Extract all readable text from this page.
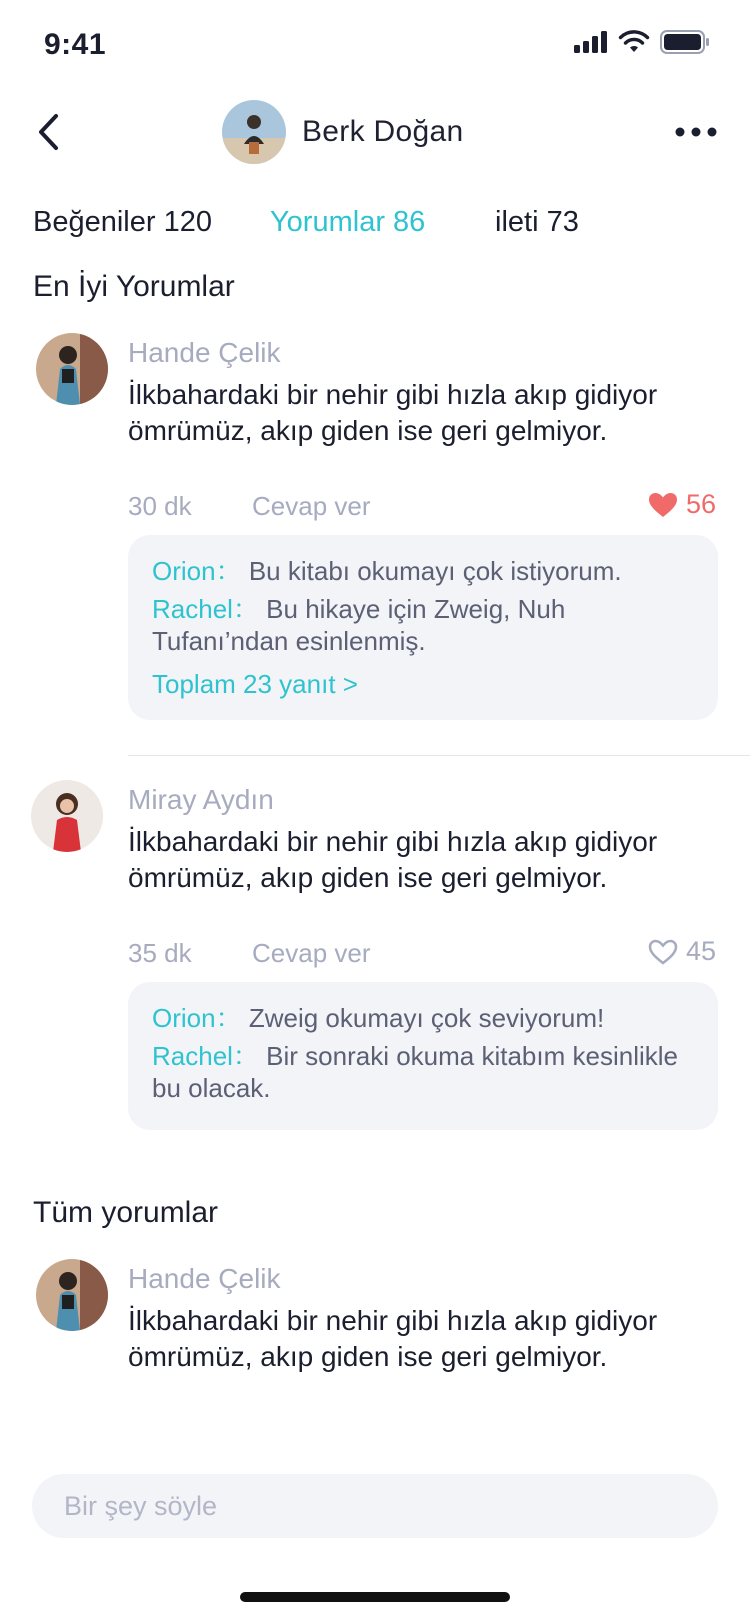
9:41
Berk Doğan
Beğeniler 120 Yorumlar 86 ileti 73
En İyi Yorumlar
Hande Çelik
İlkbahardaki bir nehir gibi hızla akıp gidiyor ömrümüz, akıp giden ise geri gelmiyor.
30 dk Cevap ver	56
Orion： Bu kitabı okumayı çok istiyorum.
Rachel： Bu hikaye için Zweig, Nuh Tufanı’ndan esinlenmiş.
Toplam 23 yanıt >
Miray Aydın
İlkbahardaki bir nehir gibi hızla akıp gidiyor ömrümüz, akıp giden ise geri gelmiyor.
35 dk Cevap ver	45
Orion： Zweig okumayı çok seviyorum!
Rachel： Bir sonraki okuma kitabım kesinlikle bu olacak.
Tüm yorumlar
Hande Çelik
İlkbahardaki bir nehir gibi hızla akıp gidiyor ömrümüz, akıp giden ise geri gelmiyor.
Bir şey söyle
